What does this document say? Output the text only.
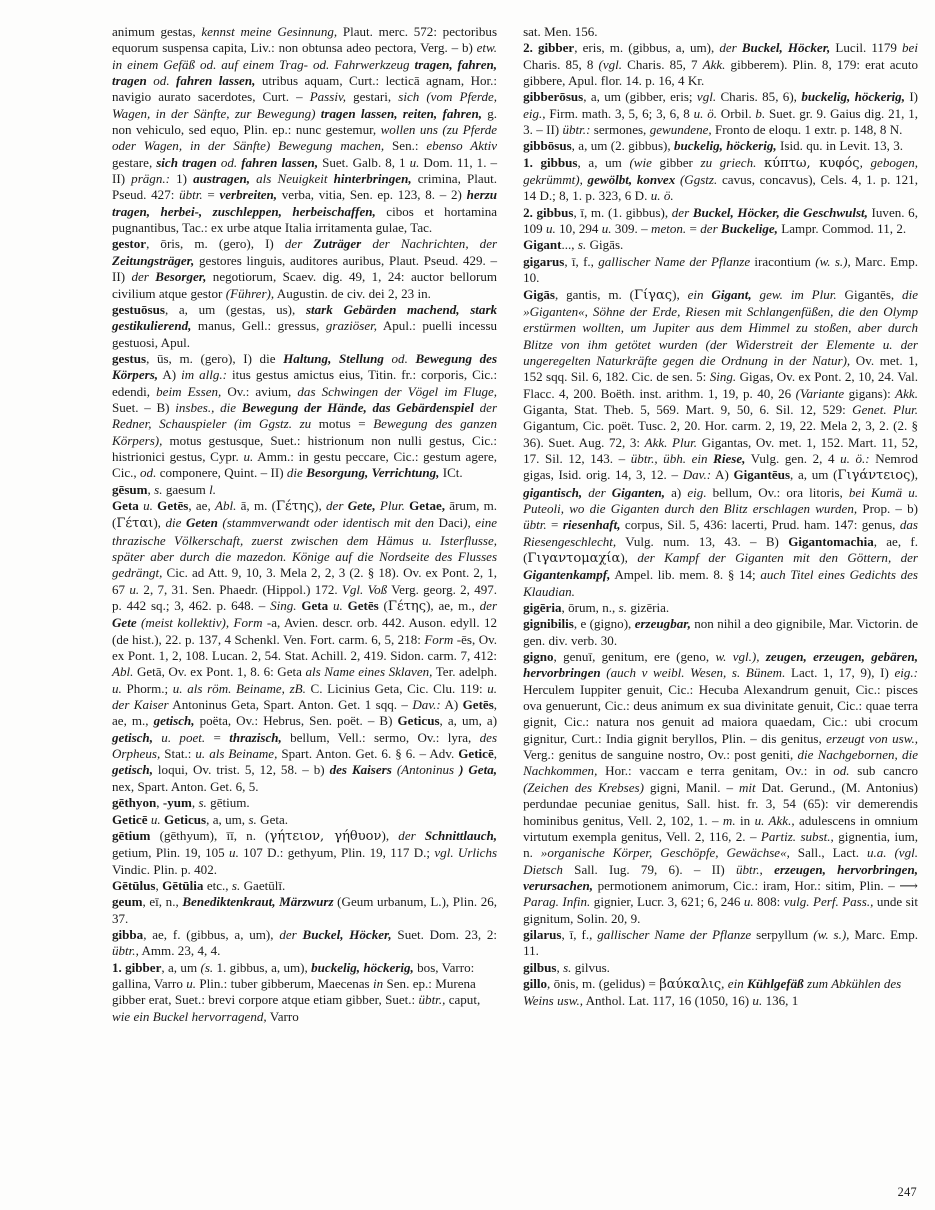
animum gestas, kennst meine Gesinnung, Plaut. merc. 572: pectoribus equorum suspensa capita, Liv.: non obtunsa adeo pectora, Verg. – b) etw. in einem Gefäß od. auf einem Trag- od. Fahrwerkzeug tragen, fahren, tragen od. fahren lassen, utribus aquam, Curt.: lecticā agnam, Hor.: navigio aurato sacerdotes, Curt. – Passiv, gestari, sich (vom Pferde, Wagen, in der Sänfte, zur Bewegung) tragen lassen, reiten, fahren, g. non vehiculo, sed equo, Plin. ep.: nunc gestemur, wollen uns (zu Pferde oder Wagen, in der Sänfte) Bewegung machen, Sen.: ebenso Aktiv gestare, sich tragen od. fahren lassen, Suet. Galb. 8, 1 u. Dom. 11, 1. – II) prägn.: 1) austragen, als Neuigkeit hinterbringen, crimina, Plaut. Pseud. 427: übtr. = verbreiten, verba, vitia, Sen. ep. 123, 8. – 2) herzu tragen, herbei-, zuschleppen, herbeischaffen, cibos et hortamina pugnantibus, Tac.: ex urbe atque Italia irritamenta gulae, Tac.

gestor, ōris, m. (gero), I) der Zuträger der Nachrichten, der Zeitungsträger, gestores linguis, auditores auribus, Plaut. Pseud. 429. – II) der Besorger, negotiorum, Scaev. dig. 49, 1, 24: auctor bellorum civilium atque gestor (Führer), Augustin. de civ. dei 2, 23 in.

gestuōsus, a, um (gestas, us), stark Gebärden machend, stark gestikulierend, manus, Gell.: gressus, graziöser, Apul.: puelli incessu gestuosi, Apul.

gestus, ūs, m. (gero), I) die Haltung, Stellung od. Bewegung des Körpers, A) im allg.: itus gestus amictus eius, Titin. fr.: corporis, Cic.: edendi, beim Essen, Ov.: avium, das Schwingen der Vögel im Fluge, Suet. – B) insbes., die Bewegung der Hände, das Gebärdenspiel der Redner, Schauspieler (im Ggstz. zu motus = Bewegung des ganzen Körpers), motus gestusque, Suet.: histrionum non nulli gestus, Cic.: histrionici gestus, Cypr. u. Amm.: in gestu peccare, Cic.: gestum agere, Cic., od. componere, Quint. – II) die Besorgung, Verrichtung, ICt.

gēsum, s. gaesum l.

Geta u. Getēs, ae, Abl. ā, m. (Γέτης), der Gete, Plur. Getae, ārum, m. (Γέται), die Geten (stammverwandt oder identisch mit den Daci), eine thrazische Völkerschaft, zuerst zwischen dem Hämus u. Isterflusse, später aber durch die mazedon. Könige auf die Nordseite des Flusses gedrängt, Cic. ad Att. 9, 10, 3. Mela 2, 2, 3 (2. § 18). Ov. ex Pont. 2, 1, 67 u. 2, 7, 31. Sen. Phaedr. (Hippol.) 172. Vgl. Voß Verg. georg. 2, 497. p. 442 sq.; 3, 462. p. 648. – Sing. Geta u. Getēs (Γέτης), ae, m., der Gete (meist kollektiv), Form -a, Avien. descr. orb. 442. Auson. edyll. 12 (de hist.), 22. p. 137, 4 Schenkl. Ven. Fort. carm. 6, 5, 218: Form -ēs, Ov. ex Pont. 1, 2, 108. Lucan. 2, 54. Stat. Achill. 2, 419. Sidon. carm. 7, 412: Abl. Getā, Ov. ex Pont. 1, 8. 6: Geta als Name eines Sklaven, Ter. adelph. u. Phorm.; u. als röm. Beiname, zB. C. Licinius Geta, Cic. Clu. 119: u. der Kaiser Antoninus Geta, Spart. Anton. Get. 1 sqq. – Dav.: A) Getēs, ae, m., getisch, poëta, Ov.: Hebrus, Sen. poët. – B) Geticus, a, um, a) getisch, u. poet. = thrazisch, bellum, Vell.: sermo, Ov.: lyra, des Orpheus, Stat.: u. als Beiname, Spart. Anton. Get. 6. § 6. – Adv. Geticē, getisch, loqui, Ov. trist. 5, 12, 58. – b) des Kaisers (Antoninus ) Geta, nex, Spart. Anton. Get. 6, 5.

gēthyon, -yum, s. gētium.

Geticē u. Geticus, a, um, s. Geta.

gētium (gēthyum), īī, n. (γήτειον, γήθυον), der Schnittlauch, getium, Plin. 19, 105 u. 107 D.: gethyum, Plin. 19, 117 D.; vgl. Urlichs Vindic. Plin. p. 402.

Gētūlus, Gētūlia etc., s. Gaetūlī.

geum, eī, n., Benediktenkraut, Märzwurz (Geum urbanum, L.), Plin. 26, 37.

gibba, ae, f. (gibbus, a, um), der Buckel, Höcker, Suet. Dom. 23, 2: übtr., Amm. 23, 4, 4.

1. gibber, a, um (s. 1. gibbus, a, um), buckelig, höckerig, bos, Varro: gallina, Varro u. Plin.: tuber gibberum, Maecenas in Sen. ep.: Murena gibber erat, Suet.: brevi corpore atque etiam gibber, Suet.: übtr., caput, wie ein Buckel hervorragend, Varro

sat. Men. 156.

2. gibber, eris, m. (gibbus, a, um), der Buckel, Höcker, Lucil. 1179 bei Charis. 85, 8 (vgl. Charis. 85, 7 Akk. gibberem). Plin. 8, 179: erat acuto gibbere, Apul. flor. 14. p. 16, 4 Kr.

gibberōsus, a, um (gibber, eris; vgl. Charis. 85, 6), buckelig, höckerig, I) eig., Firm. math. 3, 5, 6; 3, 6, 8 u. ö. Orbil. b. Suet. gr. 9. Gaius dig. 21, 1, 3. – II) übtr.: sermones, gewundene, Fronto de eloqu. 1 extr. p. 148, 8 N.

gibbōsus, a, um (2. gibbus), buckelig, höckerig, Isid. qu. in Levit. 13, 3.

1. gibbus, a, um (wie gibber zu griech. κύπτω, κυφός, gebogen, gekrümmt), gewölbt, konvex (Ggstz. cavus, concavus), Cels. 4, 1. p. 121, 14 D.; 8, 1. p. 323, 6 D. u. ö.

2. gibbus, ī, m. (1. gibbus), der Buckel, Höcker, die Geschwulst, Iuven. 6, 109 u. 10, 294 u. 309. – meton. = der Buckelige, Lampr. Commod. 11, 2.

Gigant..., s. Gigās.

gigarus, ī, f., gallischer Name der Pflanze iracontium (w. s.), Marc. Emp. 10.

Gigās, gantis, m. (Γίγας), ein Gigant, gew. im Plur. Gigantēs, die »Giganten«, Söhne der Erde, Riesen mit Schlangenfüßen, die den Olymp erstürmen wollten, um Jupiter aus dem Himmel zu stoßen, aber durch Blitze von ihm getötet wurden (der Widerstreit der Elemente u. der ungeregelten Naturkräfte gegen die Ordnung in der Natur), Ov. met. 1, 152 sqq. Sil. 6, 182. Cic. de sen. 5: Sing. Gigas, Ov. ex Pont. 2, 10, 24. Val. Flacc. 4, 200. Boëth. inst. arithm. 1, 19, p. 40, 26 (Variante gigans): Akk. Giganta, Stat. Theb. 5, 569. Mart. 9, 50, 6. Sil. 12, 529: Genet. Plur. Gigantum, Cic. poët. Tusc. 2, 20. Hor. carm. 2, 19, 22. Mela 2, 3, 2. (2. § 36). Suet. Aug. 72, 3: Akk. Plur. Gigantas, Ov. met. 1, 152. Mart. 11, 52, 17. Sil. 12, 143. – übtr., übh. ein Riese, Vulg. gen. 2, 4 u. ö.: Nemrod gigas, Isid. orig. 14, 3, 12. – Dav.: A) Gigantēus, a, um (Γιγάντειος), gigantisch, der Giganten, a) eig. bellum, Ov.: ora litoris, bei Kumä u. Puteoli, wo die Giganten durch den Blitz erschlagen wurden, Prop. – b) übtr. = riesenhaft, corpus, Sil. 5, 436: lacerti, Prud. ham. 147: genus, das Riesengeschlecht, Vulg. num. 13, 43. – B) Gigantomachia, ae, f. (Γιγαντομαχία), der Kampf der Giganten mit den Göttern, der Gigantenkampf, Ampel. lib. mem. 8. § 14; auch Titel eines Gedichts des Klaudian.

gigēria, ōrum, n., s. gizēria.

gignibilis, e (gigno), erzeugbar, non nihil a deo gignibile, Mar. Victorin. de gen. div. verb. 30.

gigno, genuī, genitum, ere (geno, w. vgl.), zeugen, erzeugen, gebären, hervorbringen (auch v weibl. Wesen, s. Bünem. Lact. 1, 17, 9), I) eig.: Herculem Iuppiter genuit, Cic.: Hecuba Alexandrum genuit, Cic.: pisces ova genuerunt, Cic.: deus animum ex sua divinitate genuit, Cic.: quae terra gignit, Cic.: natura nos genuit ad maiora quaedam, Cic.: ubi crocum gignitur, Curt.: India gignit beryllos, Plin. – dis genitus, erzeugt von usw., Verg.: genitus de sanguine nostro, Ov.: post geniti, die Nachgebornen, die Nachkommen, Hor.: vaccam e terra genitam, Ov.: in od. sub cancro (Zeichen des Krebses) gigni, Manil. – mit Dat. Gerund., (M. Antonius) perdundae pecuniae genitus, Sall. hist. fr. 3, 54 (65): vir demerendis hominibus genitus, Vell. 2, 102, 1. – m. in u. Akk., adulescens in omnium virtutum exempla genitus, Vell. 2, 116, 2. – Partiz. subst., gignentia, ium, n. »organische Körper, Geschöpfe, Gewächse«, Sall., Lact. u.a. (vgl. Dietsch Sall. Iug. 79, 6). – II) übtr., erzeugen, hervorbringen, verursachen, permotionem animorum, Cic.: iram, Hor.: sitim, Plin. – ⟶ Parag. Infin. gignier, Lucr. 3, 621; 6, 246 u. 808: vulg. Perf. Pass., unde sit gignitum, Solin. 20, 9.

gilarus, ī, f., gallischer Name der Pflanze serpyllum (w. s.), Marc. Emp. 11.

gilbus, s. gilvus.

gillo, ōnis, m. (gelidus) = βαύκαλις, ein Kühlgefäß zum Abkühlen des Weins usw., Anthol. Lat. 117, 16 (1050, 16) u. 136, 1

247
